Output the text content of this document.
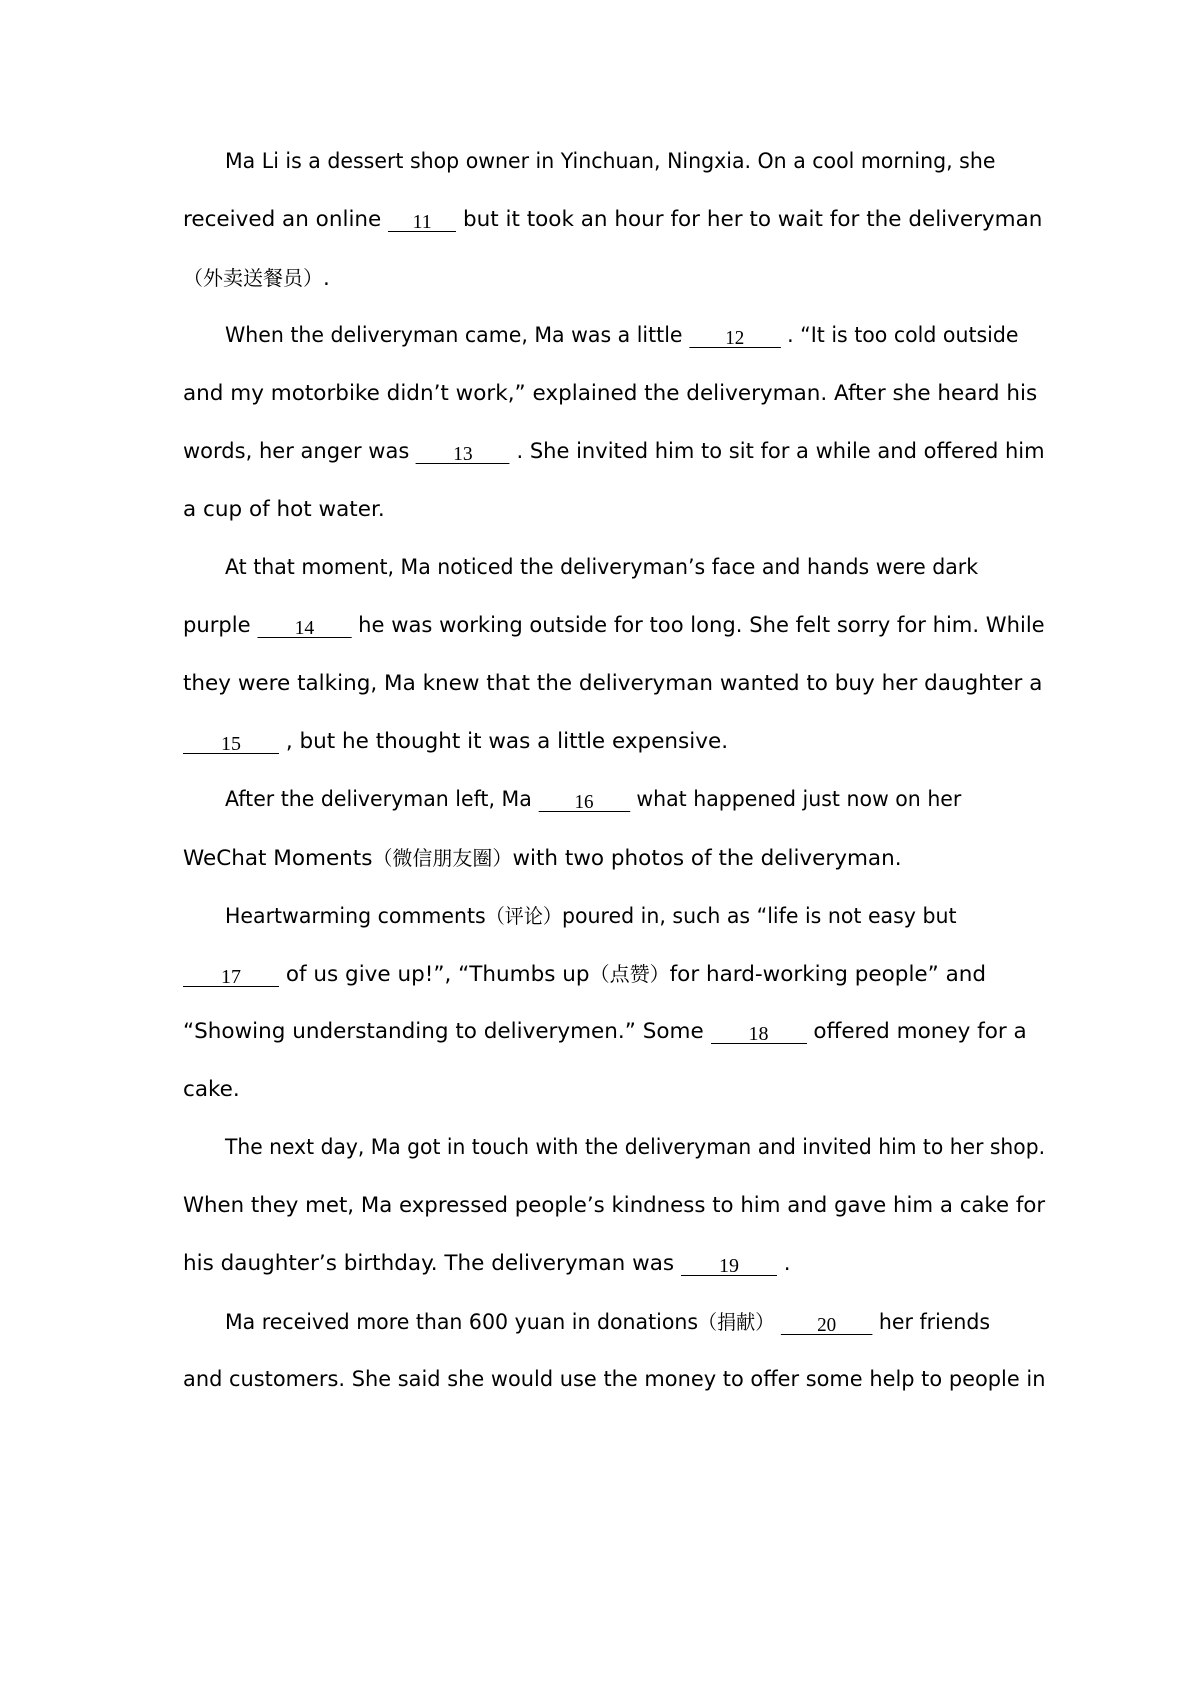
Ma Li is a dessert shop owner in Yinchuan, Ningxia. On a cool morning, she
received an online 11 but it took an hour for her to wait for the deliveryman
（外卖送餐员）.
When the deliveryman came, Ma was a little 12 . “It is too cold outside
and my motorbike didn’t work,” explained the deliveryman. After she heard his
words, her anger was 13 . She invited him to sit for a while and offered him
a cup of hot water.
At that moment, Ma noticed the deliveryman’s face and hands were dark
purple 14 he was working outside for too long. She felt sorry for him. While
they were talking, Ma knew that the deliveryman wanted to buy her daughter a
15 , but he thought it was a little expensive.
After the deliveryman left, Ma 16 what happened just now on her
WeChat Moments（微信朋友圈）with two photos of the deliveryman.
Heartwarming comments（评论）poured in, such as “life is not easy but
17 of us give up!”, “Thumbs up（点赞）for hard-working people” and
“Showing understanding to deliverymen.” Some 18 offered money for a
cake.
The next day, Ma got in touch with the deliveryman and invited him to her shop.
When they met, Ma expressed people’s kindness to him and gave him a cake for
his daughter’s birthday. The deliveryman was 19 .
Ma received more than 600 yuan in donations（捐献） 20 her friends
and customers. She said she would use the money to offer some help to people in
